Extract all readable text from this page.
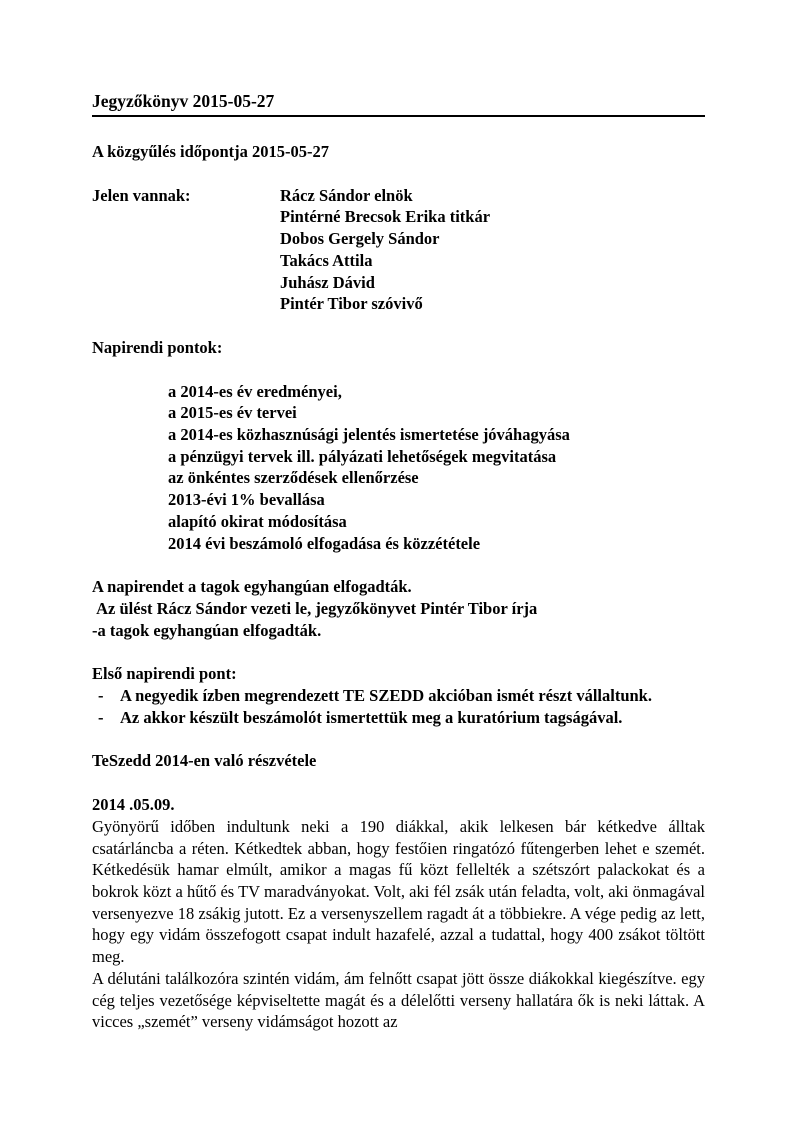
Jegyzőkönyv 2015-05-27
A közgyűlés időpontja 2015-05-27
Jelen vannak:	Rácz Sándor elnök
Pintérné Brecsok Erika titkár
Dobos Gergely Sándor
Takács Attila
Juhász Dávid
Pintér Tibor szóvivő
Napirendi pontok:
a 2014-es év eredményei,
a 2015-es év tervei
a 2014-es közhasznúsági jelentés ismertetése jóváhagyása
a pénzügyi tervek ill. pályázati lehetőségek megvitatása
az önkéntes szerződések ellenőrzése
2013-évi 1% bevallása
alapító okirat módosítása
2014 évi beszámoló elfogadása és közzététele
A napirendet a tagok egyhangúan elfogadták.
Az ülést Rácz Sándor vezeti le, jegyzőkönyvet Pintér Tibor írja
-a tagok egyhangúan elfogadták.
Első napirendi pont:
-	A negyedik ízben megrendezett TE SZEDD akcióban ismét részt vállaltunk.
-	Az akkor készült beszámolót ismertettük meg a kuratórium tagságával.
TeSzedd 2014-en való részvétele
2014 .05.09.
Gyönyörű időben indultunk neki a 190 diákkal, akik lelkesen bár kétkedve álltak csatárláncba a réten. Kétkedtek abban, hogy festőien ringatózó fűtengerben lehet e szemét. Kétkedésük hamar elmúlt, amikor a magas fű közt fellelték a szétszórt palackokat és a bokrok közt a hűtő és TV maradványokat. Volt, aki fél zsák után feladta, volt, aki önmagával versenyezve 18 zsákig jutott. Ez a versenyszellem ragadt át a többiekre. A vége pedig az lett, hogy egy vidám összefogott csapat indult hazafelé, azzal a tudattal, hogy 400 zsákot töltött meg.
A délutáni találkozóra szintén vidám, ám felnőtt csapat jött össze diákokkal kiegészítve. egy cég teljes vezetősége képviseltette magát és a délelőtti verseny hallatára ők is neki láttak. A vicces „szemét” verseny vidámságot hozott az
